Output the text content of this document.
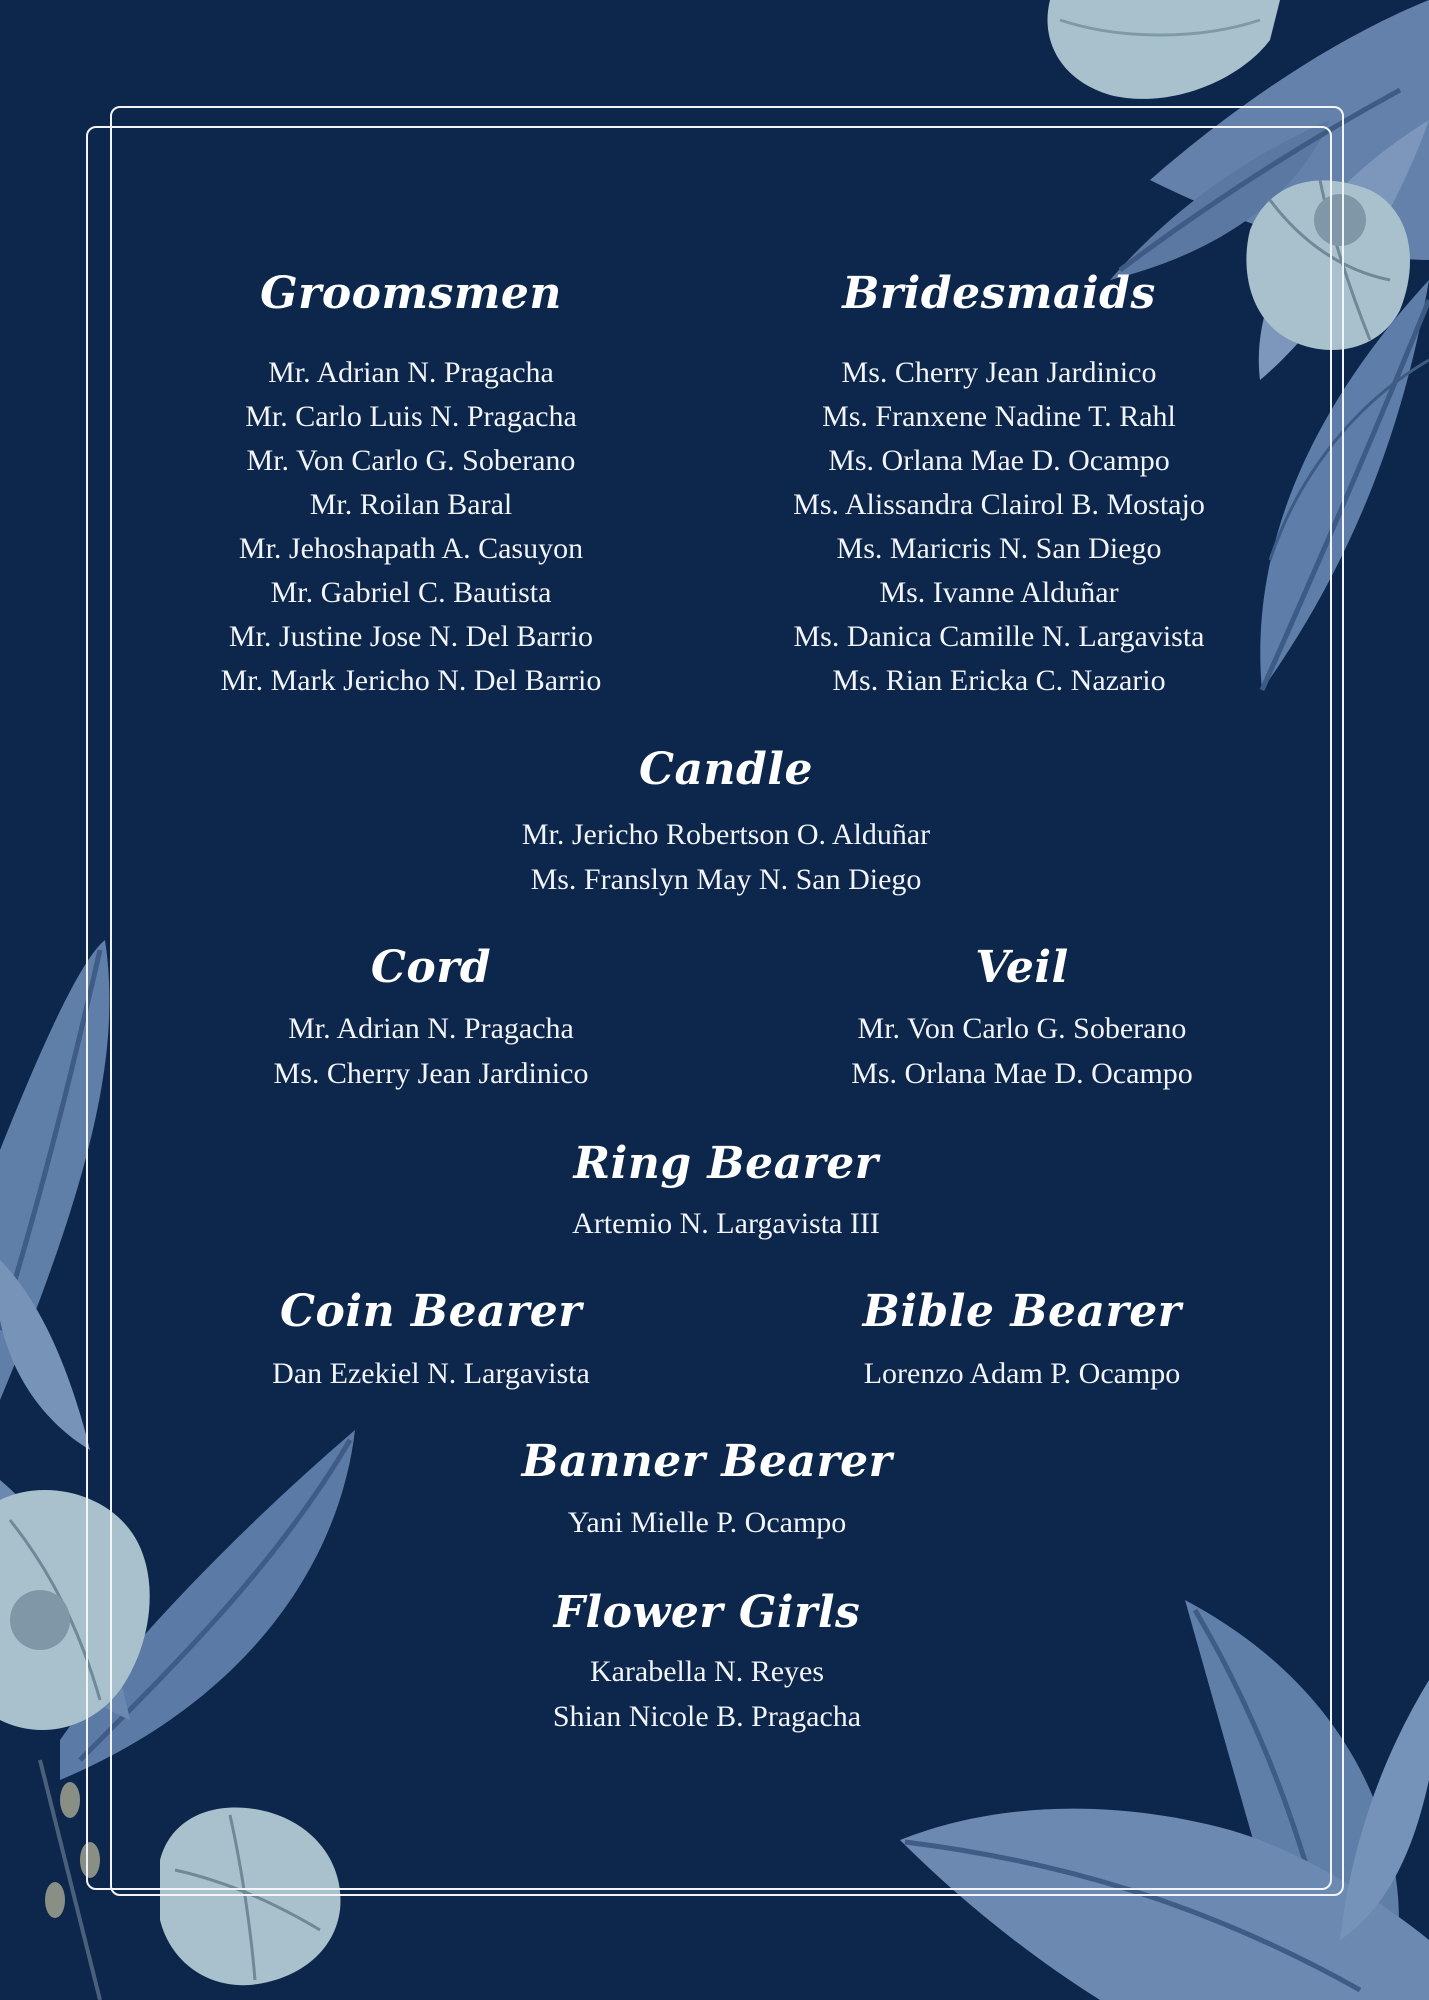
Groomsmen
Mr. Adrian N. Pragacha
Mr. Carlo Luis N. Pragacha
Mr. Von Carlo G. Soberano
Mr. Roilan Baral
Mr. Jehoshapath A. Casuyon
Mr. Gabriel C. Bautista
Mr. Justine Jose N. Del Barrio
Mr. Mark Jericho N. Del Barrio
Bridesmaids
Ms. Cherry Jean Jardinico
Ms. Franxene Nadine T. Rahl
Ms. Orlana Mae D. Ocampo
Ms. Alissandra Clairol B. Mostajo
Ms. Maricris N. San Diego
Ms. Ivanne Alduñar
Ms. Danica Camille N. Largavista
Ms. Rian Ericka C. Nazario
Candle
Mr. Jericho Robertson O. Alduñar
Ms. Franslyn May N. San Diego
Cord
Mr. Adrian N. Pragacha
Ms. Cherry Jean Jardinico
Veil
Mr. Von Carlo G. Soberano
Ms. Orlana Mae D. Ocampo
Ring Bearer
Artemio N. Largavista III
Coin Bearer
Dan Ezekiel N. Largavista
Bible Bearer
Lorenzo Adam P. Ocampo
Banner Bearer
Yani Mielle P. Ocampo
Flower Girls
Karabella N. Reyes
Shian Nicole B. Pragacha
